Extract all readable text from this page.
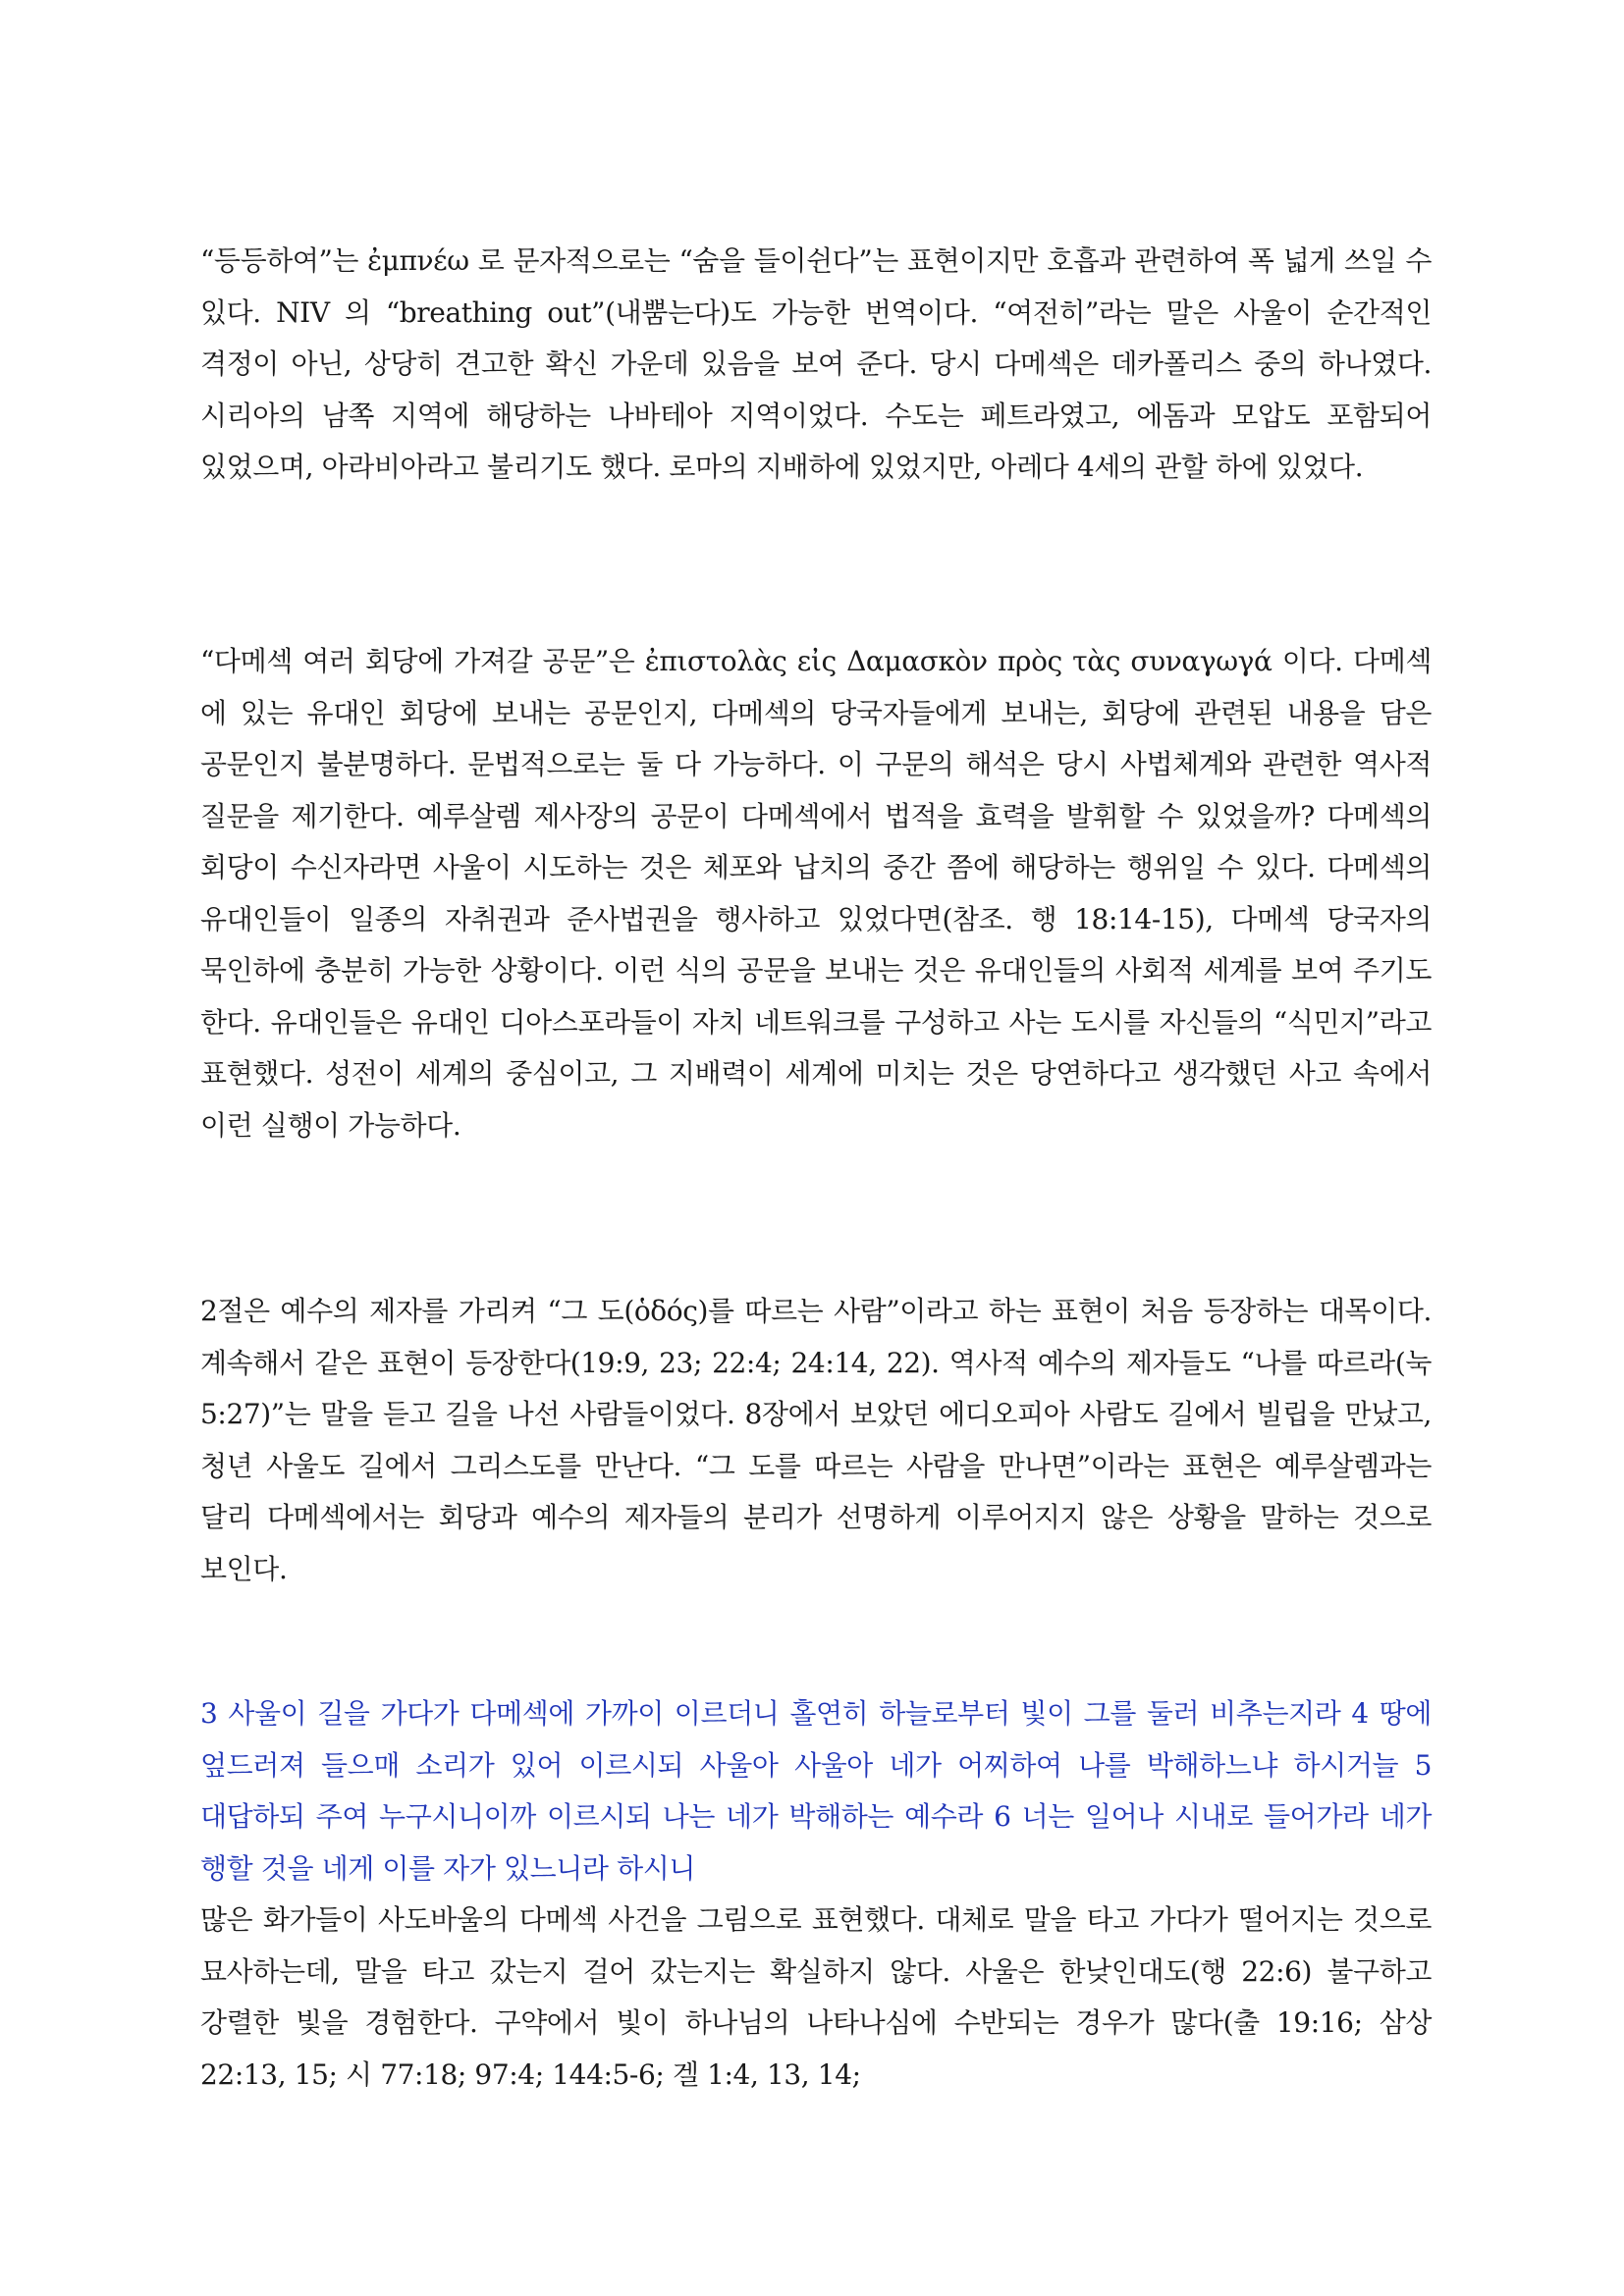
“등등하여”는 ἐμπνέω 로 문자적으로는 “숨을 들이쉰다”는 표현이지만 호흡과 관련하여 폭 넓게 쓰일 수 있다. NIV 의 “breathing out”(내뿜는다)도 가능한 번역이다. “여전히”라는 말은 사울이 순간적인 격정이 아닌, 상당히 견고한 확신 가운데 있음을 보여 준다. 당시 다메섹은 데카폴리스 중의 하나였다. 시리아의 남쪽 지역에 해당하는 나바테아 지역이었다. 수도는 페트라였고, 에돔과 모압도 포함되어 있었으며, 아라비아라고 불리기도 했다. 로마의 지배하에 있었지만, 아레다 4세의 관할 하에 있었다.

“다메섹 여러 회당에 가져갈 공문”은 ἐπιστολὰς εἰς Δαμασκὸν πρὸς τὰς συναγωγά 이다. 다메섹 에 있는 유대인 회당에 보내는 공문인지, 다메섹의 당국자들에게 보내는, 회당에 관련된 내용을 담은 공문인지 불분명하다. 문법적으로는 둘 다 가능하다. 이 구문의 해석은 당시 사법체계와 관련한 역사적 질문을 제기한다. 예루살렘 제사장의 공문이 다메섹에서 법적을 효력을 발휘할 수 있었을까? 다메섹의 회당이 수신자라면 사울이 시도하는 것은 체포와 납치의 중간 쯤에 해당하는 행위일 수 있다. 다메섹의 유대인들이 일종의 자취권과 준사법권을 행사하고 있었다면(참조. 행 18:14-15), 다메섹 당국자의 묵인하에 충분히 가능한 상황이다. 이런 식의 공문을 보내는 것은 유대인들의 사회적 세계를 보여 주기도 한다. 유대인들은 유대인 디아스포라들이 자치 네트워크를 구성하고 사는 도시를 자신들의 “식민지”라고 표현했다. 성전이 세계의 중심이고, 그 지배력이 세계에 미치는 것은 당연하다고 생각했던 사고 속에서 이런 실행이 가능하다.

2절은 예수의 제자를 가리켜 “그 도(ὁδός)를 따르는 사람”이라고 하는 표현이 처음 등장하는 대목이다. 계속해서 같은 표현이 등장한다(19:9, 23; 22:4; 24:14, 22). 역사적 예수의 제자들도 “나를 따르라(눅 5:27)”는 말을 듣고 길을 나선 사람들이었다. 8장에서 보았던 에디오피아 사람도 길에서 빌립을 만났고, 청년 사울도 길에서 그리스도를 만난다. “그 도를 따르는 사람을 만나면”이라는 표현은 예루살렘과는 달리 다메섹에서는 회당과 예수의 제자들의 분리가 선명하게 이루어지지 않은 상황을 말하는 것으로 보인다.

3 사울이 길을 가다가 다메섹에 가까이 이르더니 홀연히 하늘로부터 빛이 그를 둘러 비추는지라 4 땅에 엎드러져 들으매 소리가 있어 이르시되 사울아 사울아 네가 어찌하여 나를 박해하느냐 하시거늘 5 대답하되 주여 누구시니이까 이르시되 나는 네가 박해하는 예수라 6 너는 일어나 시내로 들어가라 네가 행할 것을 네게 이를 자가 있느니라 하시니

많은 화가들이 사도바울의 다메섹 사건을 그림으로 표현했다. 대체로 말을 타고 가다가 떨어지는 것으로 묘사하는데, 말을 타고 갔는지 걸어 갔는지는 확실하지 않다. 사울은 한낮인대도(행 22:6) 불구하고 강렬한 빛을 경험한다. 구약에서 빛이 하나님의 나타나심에 수반되는 경우가 많다(출 19:16; 삼상 22:13, 15; 시 77:18; 97:4; 144:5-6; 겔 1:4, 13, 14;
